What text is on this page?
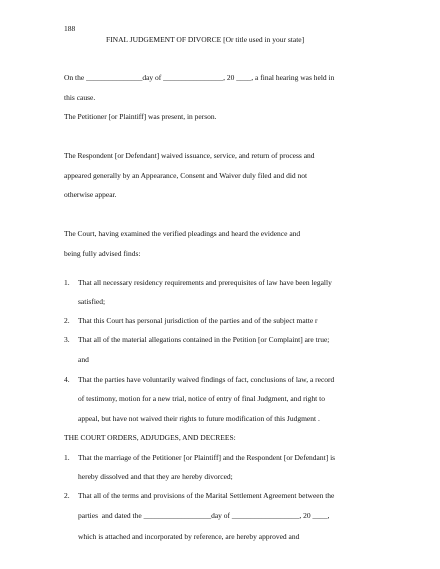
188
FINAL JUDGEMENT OF DIVORCE [Or title used in your state]
On the _______________day of ________________, 20 ____, a final hearing was held in
this cause.
The Petitioner [or Plaintiff] was present, in person.
The Respondent [or Defendant] waived issuance, service, and return of process and
appeared generally by an Appearance, Consent and Waiver duly filed and did not
otherwise appear.
The Court, having examined the verified pleadings and heard the evidence and
being fully advised finds:
1. That all necessary residency requirements and prerequisites of law have been legally
satisfied;
2. That this Court has personal jurisdiction of the parties and of the subject matte r
3. That all of the material allegations contained in the Petition [or Complaint] are true;
and
4. That the parties have voluntarily waived findings of fact, conclusions of law, a record
of testimony, motion for a new trial, notice of entry of final Judgment, and right to
appeal, but have not waived their rights to future modification of this Judgment .
THE COURT ORDERS, ADJUDGES, AND DECREES:
1. That the marriage of the Petitioner [or Plaintiff] and the Respondent [or Defendant] is
hereby dissolved and that they are hereby divorced;
2. That all of the terms and provisions of the Marital Settlement Agreement between the
parties  and dated the __________________day of __________________, 20 ____,
which is attached and incorporated by reference, are hereby approved and
